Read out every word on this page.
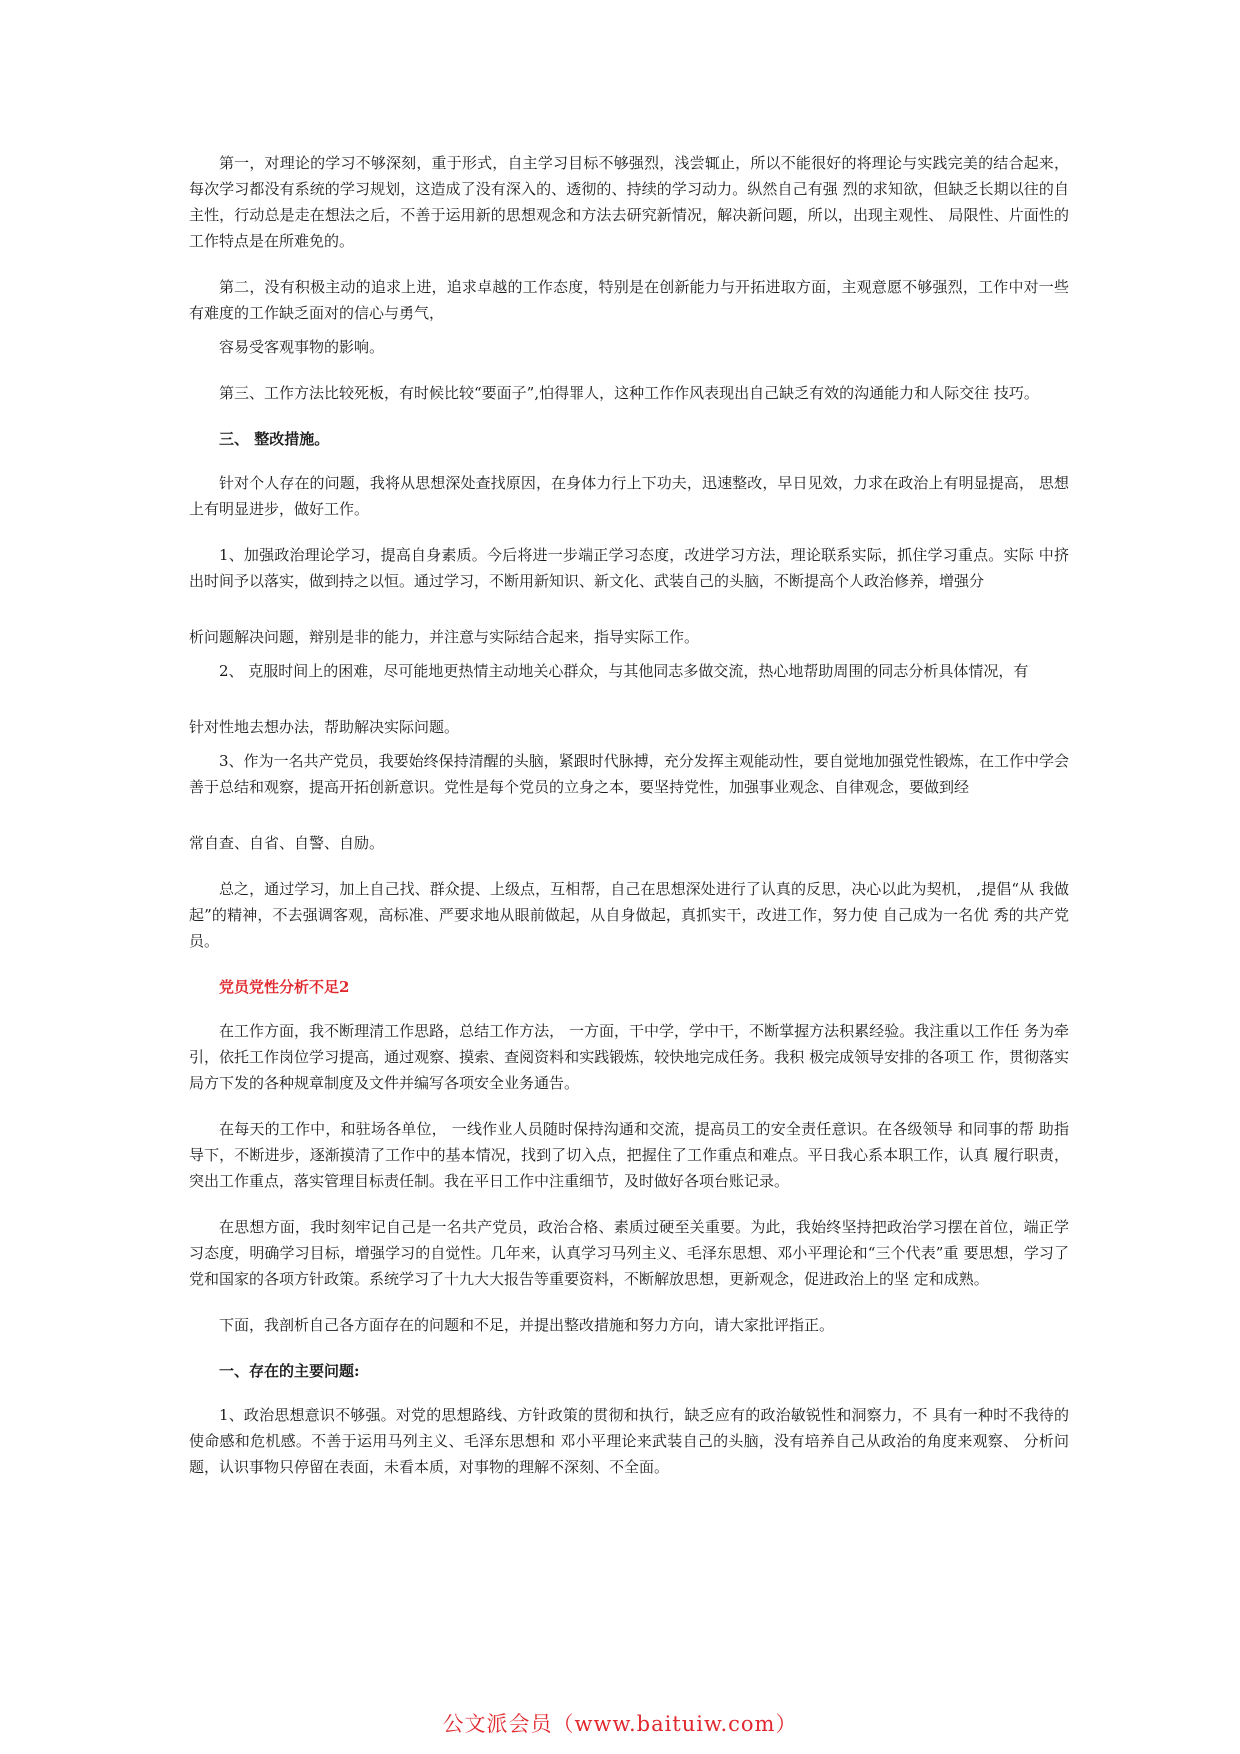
第一，对理论的学习不够深刻，重于形式，自主学习目标不够强烈，浅尝辄止，所以不能很好的将理论与实践完美的结合起来，每次学习都没有系统的学习规划，这造成了没有深入的、透彻的、持续的学习动力。纵然自己有强 烈的求知欲，但缺乏长期以往的自主性，行动总是走在想法之后，不善于运用新的思想观念和方法去研究新情况，解决新问题，所以，出现主观性、 局限性、片面性的工作特点是在所难免的。

第二，没有积极主动的追求上进，追求卓越的工作态度，特别是在创新能力与开拓进取方面，主观意愿不够强烈，工作中对一些有难度的工作缺乏面对的信心与勇气，

容易受客观事物的影响。

第三、工作方法比较死板，有时候比较“要面子”,怕得罪人，这种工作作风表现出自己缺乏有效的沟通能力和人际交往 技巧。

三、 整改措施。

针对个人存在的问题，我将从思想深处查找原因，在身体力行上下功夫，迅速整改，早日见效，力求在政治上有明显提高， 思想上有明显进步，做好工作。

1、加强政治理论学习，提高自身素质。今后将进一步端正学习态度，改进学习方法，理论联系实际，抓住学习重点。实际 中挤出时间予以落实，做到持之以恒。通过学习，不断用新知识、新文化、武装自己的头脑，不断提高个人政治修养，增强分

析问题解决问题，辩别是非的能力，并注意与实际结合起来，指导实际工作。

2、 克服时间上的困难，尽可能地更热情主动地关心群众，与其他同志多做交流，热心地帮助周围的同志分析具体情况，有

针对性地去想办法，帮助解决实际问题。

3、作为一名共产党员，我要始终保持清醒的头脑，紧跟时代脉搏，充分发挥主观能动性，要自觉地加强党性锻炼，在工作中学会善于总结和观察，提高开拓创新意识。党性是每个党员的立身之本，要坚持党性，加强事业观念、自律观念，要做到经

常自查、自省、自警、自励。

总之，通过学习，加上自己找、群众提、上级点，互相帮，自己在思想深处进行了认真的反思，决心以此为契机， ,提倡“从 我做起”的精神，不去强调客观，高标准、严要求地从眼前做起，从自身做起，真抓实干，改进工作，努力使 自己成为一名优 秀的共产党员。

党员党性分析不足2

在工作方面，我不断理清工作思路，总结工作方法， 一方面，干中学，学中干，不断掌握方法积累经验。我注重以工作任 务为牵引，依托工作岗位学习提高，通过观察、摸索、查阅资料和实践锻炼，较快地完成任务。我积 极完成领导安排的各项工 作，贯彻落实局方下发的各种规章制度及文件并编写各项安全业务通告。

在每天的工作中，和驻场各单位， 一线作业人员随时保持沟通和交流，提高员工的安全责任意识。在各级领导 和同事的帮 助指导下，不断进步，逐渐摸清了工作中的基本情况，找到了切入点，把握住了工作重点和难点。平日我心系本职工作，认真 履行职责，突出工作重点，落实管理目标责任制。我在平日工作中注重细节，及时做好各项台账记录。

在思想方面，我时刻牢记自己是一名共产党员，政治合格、素质过硬至关重要。为此，我始终坚持把政治学习摆在首位，端正学习态度，明确学习目标，增强学习的自觉性。几年来，认真学习马列主义、毛泽东思想、邓小平理论和“三个代表”重 要思想，学习了党和国家的各项方针政策。系统学习了十九大大报告等重要资料，不断解放思想，更新观念，促进政治上的坚 定和成熟。

下面，我剖析自己各方面存在的问题和不足，并提出整改措施和努力方向，请大家批评指正。

一、存在的主要问题:

1、政治思想意识不够强。对党的思想路线、方针政策的贯彻和执行，缺乏应有的政治敏锐性和洞察力，不 具有一种时不我待的使命感和危机感。不善于运用马列主义、毛泽东思想和 邓小平理论来武装自己的头脑，没有培养自己从政治的角度来观察、 分析问题，认识事物只停留在表面，未看本质，对事物的理解不深刻、不全面。

公文派会员（www.baituiw.com）
